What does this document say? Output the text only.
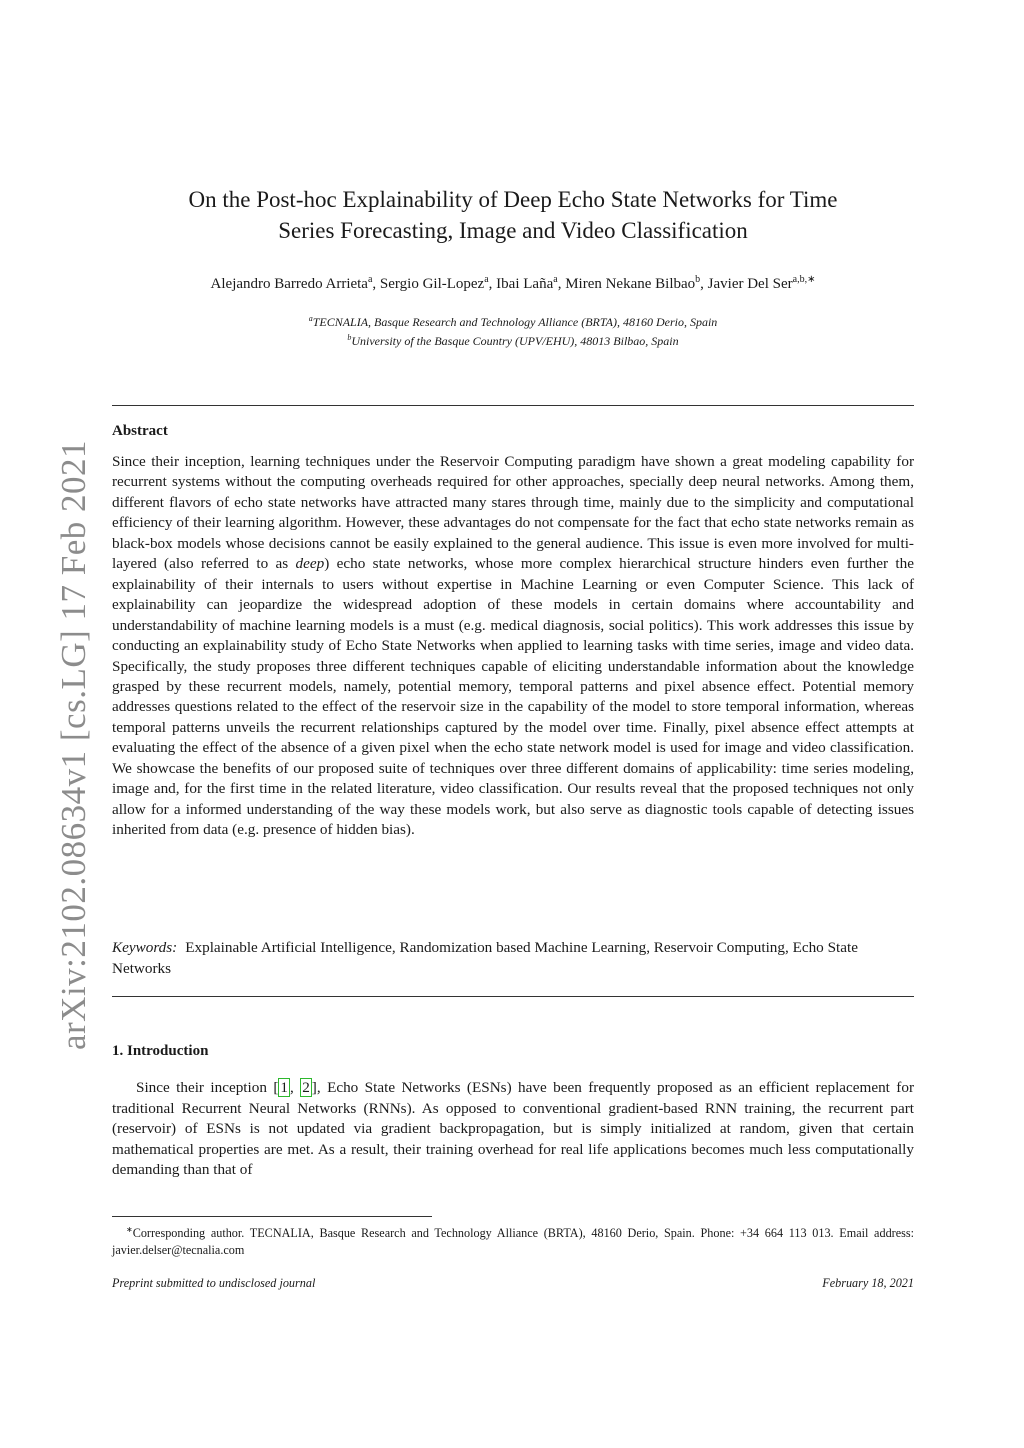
arXiv:2102.08634v1 [cs.LG] 17 Feb 2021
On the Post-hoc Explainability of Deep Echo State Networks for Time
Series Forecasting, Image and Video Classification
Alejandro Barredo Arrieta$^a$, Sergio Gil-Lopez$^a$, Ibai Laña$^a$, Miren Nekane Bilbao$^b$, Javier Del Ser$^{a,b,∗}$
$^a$TECNALIA, Basque Research and Technology Alliance (BRTA), 48160 Derio, Spain
$^b$University of the Basque Country (UPV/EHU), 48013 Bilbao, Spain
Abstract
Since their inception, learning techniques under the Reservoir Computing paradigm have shown a great modeling capability for recurrent systems without the computing overheads required for other approaches, specially deep neural networks. Among them, different flavors of echo state networks have attracted many stares through time, mainly due to the simplicity and computational efficiency of their learning algorithm. However, these advantages do not compensate for the fact that echo state networks remain as black-box models whose decisions cannot be easily explained to the general audience. This issue is even more involved for multi-layered (also referred to as deep) echo state networks, whose more complex hierarchical structure hinders even further the explainability of their internals to users without expertise in Machine Learning or even Computer Science. This lack of explainability can jeopardize the widespread adoption of these models in certain domains where accountability and understandability of machine learning models is a must (e.g. medical diagnosis, social politics). This work addresses this issue by conducting an explainability study of Echo State Networks when applied to learning tasks with time series, image and video data. Specifically, the study proposes three different techniques capable of eliciting understandable information about the knowledge grasped by these recurrent models, namely, potential memory, temporal patterns and pixel absence effect. Potential memory addresses questions related to the effect of the reservoir size in the capability of the model to store temporal information, whereas temporal patterns unveils the recurrent relationships captured by the model over time. Finally, pixel absence effect attempts at evaluating the effect of the absence of a given pixel when the echo state network model is used for image and video classification. We showcase the benefits of our proposed suite of techniques over three different domains of applicability: time series modeling, image and, for the first time in the related literature, video classification. Our results reveal that the proposed techniques not only allow for a informed understanding of the way these models work, but also serve as diagnostic tools capable of detecting issues inherited from data (e.g. presence of hidden bias).
Keywords: Explainable Artificial Intelligence, Randomization based Machine Learning, Reservoir Computing, Echo State Networks
1. Introduction
Since their inception [ 1 , 2 ], Echo State Networks (ESNs) have been frequently proposed as an efficient replacement for traditional Recurrent Neural Networks (RNNs). As opposed to conventional gradient-based RNN training, the recurrent part (reservoir) of ESNs is not updated via gradient backpropagation, but is simply initialized at random, given that certain mathematical properties are met. As a result, their training overhead for real life applications becomes much less computationally demanding than that of
∗Corresponding author. TECNALIA, Basque Research and Technology Alliance (BRTA), 48160 Derio, Spain. Phone: +34 664 113 013. Email address: javier.delser@tecnalia.com
Preprint submitted to undisclosed journal	February 18, 2021
